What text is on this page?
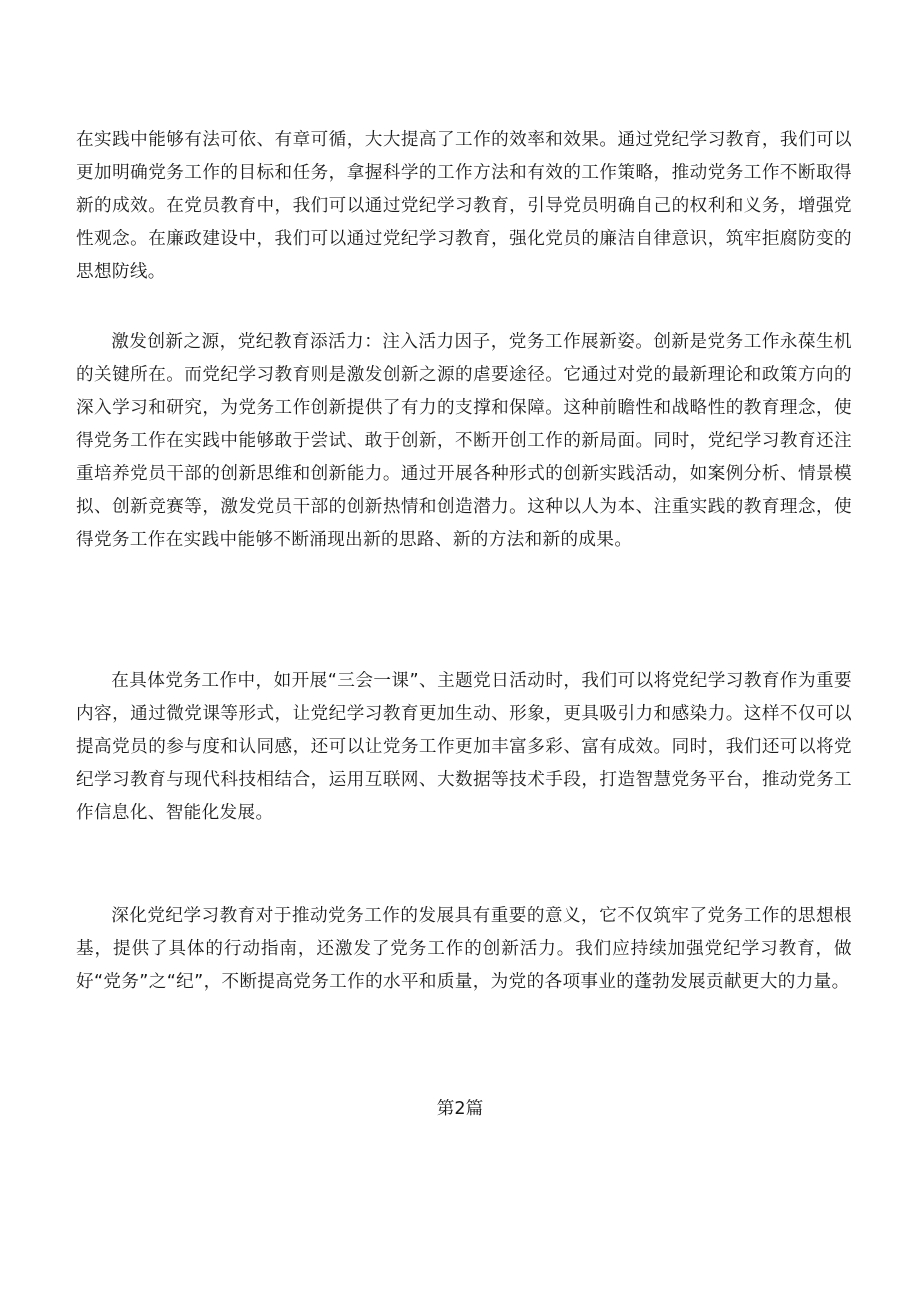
在实践中能够有法可依、有章可循，大大提高了工作的效率和效果。通过党纪学习教育，我们可以更加明确党务工作的目标和任务，拿握科学的工作方法和有效的工作策略，推动党务工作不断取得新的成效。在党员教育中，我们可以通过党纪学习教育，引导党员明确自己的权利和义务，增强党性观念。在廉政建设中，我们可以通过党纪学习教育，强化党员的廉洁自律意识，筑牢拒腐防变的思想防线。

激发创新之源，党纪教育添活力：注入活力因子，党务工作展新姿。创新是党务工作永葆生机的关键所在。而党纪学习教育则是激发创新之源的虐要途径。它通过对党的最新理论和政策方向的深入学习和研究，为党务工作创新提供了有力的支撑和保障。这种前瞻性和战略性的教育理念，使得党务工作在实践中能够敢于尝试、敢于创新，不断开创工作的新局面。同时，党纪学习教育还注重培养党员干部的创新思维和创新能力。通过开展各种形式的创新实践活动，如案例分析、情景模拟、创新竞赛等，激发党员干部的创新热情和创造潜力。这种以人为本、注重实践的教育理念，使得党务工作在实践中能够不断涌现出新的思路、新的方法和新的成果。

在具体党务工作中，如开展“三会一课”、主题党日活动时，我们可以将党纪学习教育作为重要内容，通过微党课等形式，让党纪学习教育更加生动、形象，更具吸引力和感染力。这样不仅可以提高党员的参与度和认同感，还可以让党务工作更加丰富多彩、富有成效。同时，我们还可以将党纪学习教育与现代科技相结合，运用互联网、大数据等技术手段，打造智慧党务平台，推动党务工作信息化、智能化发展。

深化党纪学习教育对于推动党务工作的发展具有重要的意义，它不仅筑牢了党务工作的思想根基，提供了具体的行动指南，还激发了党务工作的创新活力。我们应持续加强党纪学习教育，做好“党务”之“纪”，不断提高党务工作的水平和质量，为党的各项事业的蓬勃发展贡献更大的力量。

第2篇
